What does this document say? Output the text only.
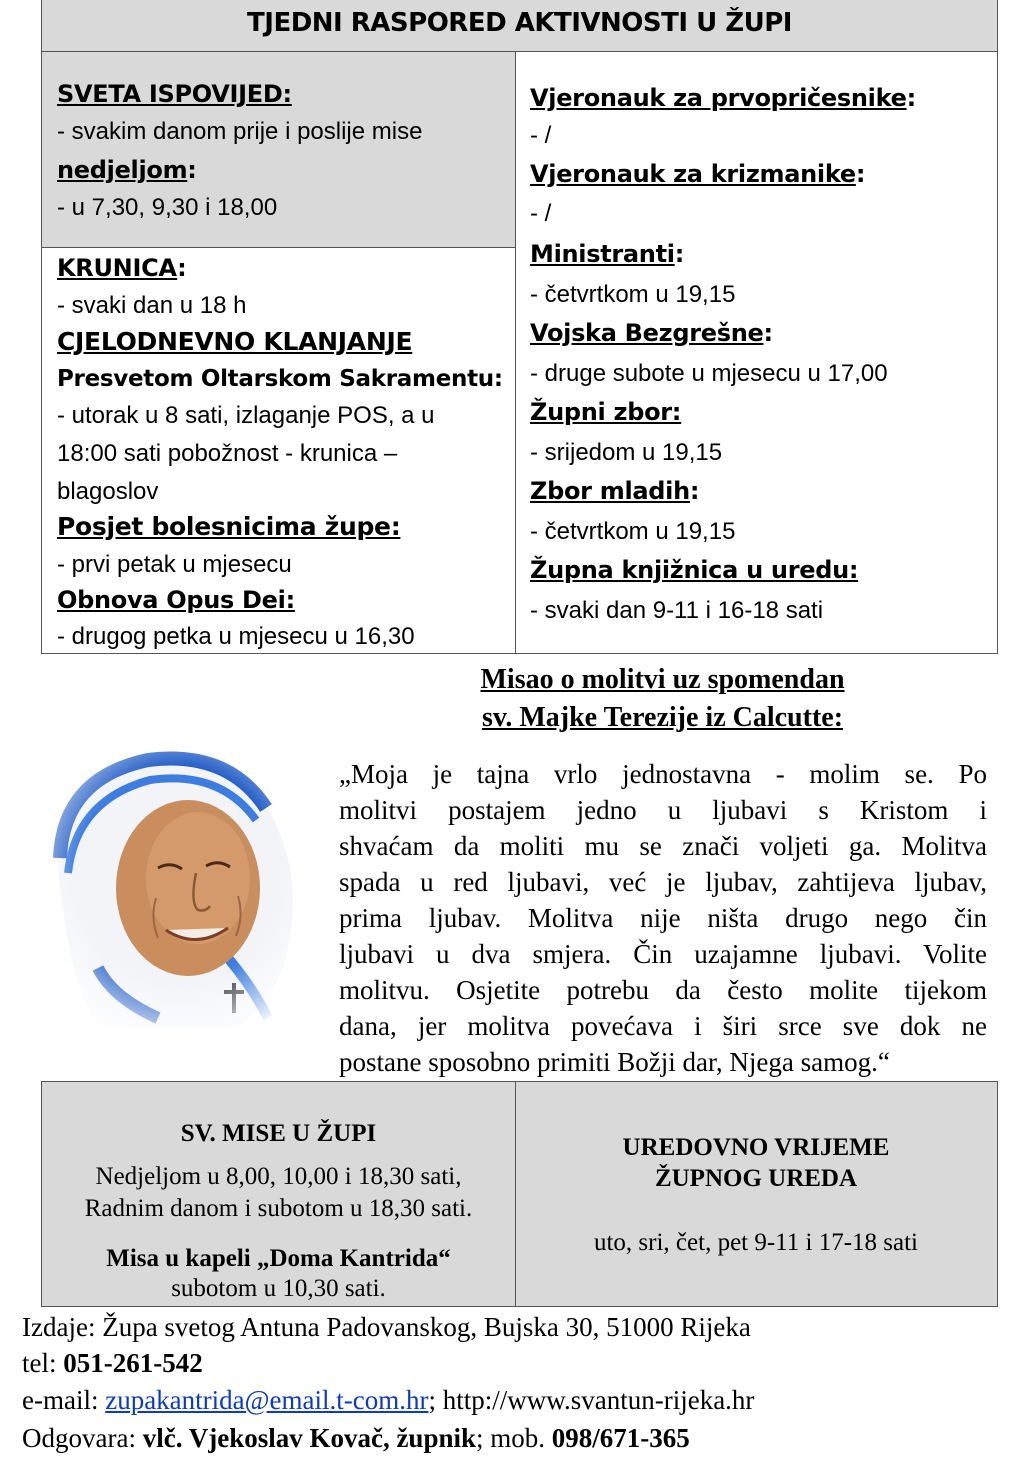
TJEDNI RASPORED AKTIVNOSTI U ŽUPI
SVETA ISPOVIJED:
- svakim danom prije i poslije mise
nedjeljom:
- u 7,30, 9,30 i 18,00
KRUNICA:
- svaki dan u 18 h
CJELODNEVNO KLANJANJE
Presvetom Oltarskom Sakramentu:
- utorak u 8 sati, izlaganje POS, a u
18:00 sati pobožnost - krunica –
blagoslov
Posjet bolesnicima župe:
- prvi petak u mjesecu
Obnova Opus Dei:
- drugog petka u mjesecu u 16,30
Vjeronauk za prvopričesnike:
- /
Vjeronauk za krizmanike:
- /
Ministranti:
- četvrtkom u 19,15
Vojska Bezgrešne:
- druge subote u mjesecu u 17,00
Župni zbor:
- srijedom u 19,15
Zbor mladih:
- četvrtkom u 19,15
Župna knjižnica u uredu:
- svaki dan 9-11 i 16-18 sati
Misao o molitvi uz spomendan
sv. Majke Terezije iz Calcutte:
„Moja je tajna vrlo jednostavna - molim se. Po
molitvi postajem jedno u ljubavi s Kristom i
shvaćam da moliti mu se znači voljeti ga. Molitva
spada u red ljubavi, već je ljubav, zahtijeva ljubav,
prima ljubav. Molitva nije ništa drugo nego čin
ljubavi u dva smjera. Čin uzajamne ljubavi. Volite
molitvu. Osjetite potrebu da često molite tijekom
dana, jer molitva povećava i širi srce sve dok ne
postane sposobno primiti Božji dar, Njega samog.“
SV. MISE U ŽUPI
Nedjeljom u 8,00, 10,00 i 18,30 sati,
Radnim danom i subotom u 18,30 sati.
Misa u kapeli „Doma Kantrida“
subotom u 10,30 sati.
UREDOVNO VRIJEME
ŽUPNOG UREDA
uto, sri, čet, pet 9-11 i 17-18 sati
Izdaje: Župa svetog Antuna Padovanskog, Bujska 30, 51000 Rijeka
tel: 051-261-542
e-mail: zupakantrida@email.t-com.hr; http://www.svantun-rijeka.hr
Odgovara: vlč. Vjekoslav Kovač, župnik; mob. 098/671-365
